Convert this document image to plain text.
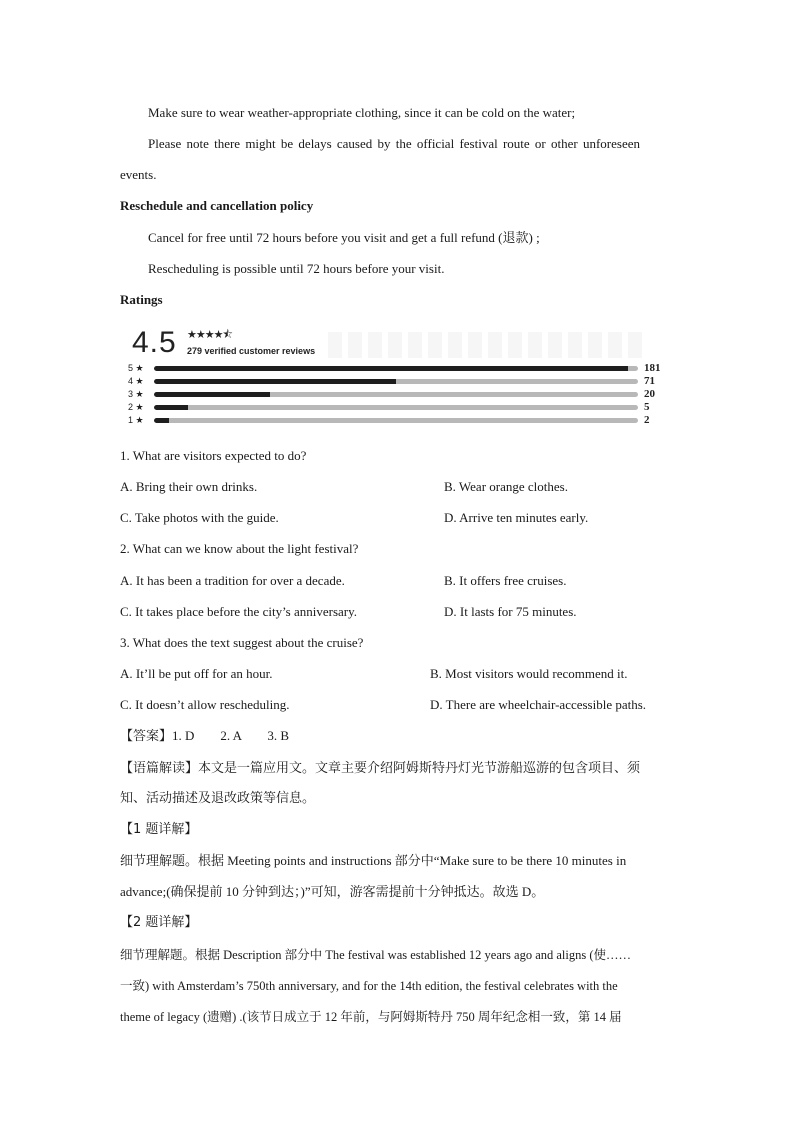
Make sure to wear weather-appropriate clothing, since it can be cold on the water;
Please note there might be delays caused by the official festival route or other unforeseen
events.
Reschedule and cancellation policy
Cancel for free until 72 hours before you visit and get a full refund (退款) ;
Rescheduling is possible until 72 hours before your visit.
Ratings
4.5 ★★★★⯪
279 verified customer reviews
5 ★	181
4 ★	71
3 ★	20
2 ★	5
1 ★	2
1. What are visitors expected to do?
A. Bring their own drinks.	B. Wear orange clothes.
C. Take photos with the guide.	D. Arrive ten minutes early.
2. What can we know about the light festival?
A. It has been a tradition for over a decade.	B. It offers free cruises.
C. It takes place before the city’s anniversary.	D. It lasts for 75 minutes.
3. What does the text suggest about the cruise?
A. It’ll be put off for an hour.	B. Most visitors would recommend it.
C. It doesn’t allow rescheduling.	D. There are wheelchair-accessible paths.
【答案】1. D        2. A        3. B
【语篇解读】本文是一篇应用文。文章主要介绍阿姆斯特丹灯光节游船巡游的包含项目、须
知、活动描述及退改政策等信息。
【1 题详解】
细节理解题。根据 Meeting points and instructions 部分中“Make sure to be there 10 minutes in
advance;(确保提前 10 分钟到达；)”可知，游客需提前十分钟抵达。故选 D。
【2 题详解】
细节理解题。根据 Description 部分中 The festival was established 12 years ago and aligns (使……
一致) with Amsterdam’s 750th anniversary, and for the 14th edition, the festival celebrates with the
theme of legacy (遗赠) .(该节日成立于 12 年前，与阿姆斯特丹 750 周年纪念相一致，第 14 届
